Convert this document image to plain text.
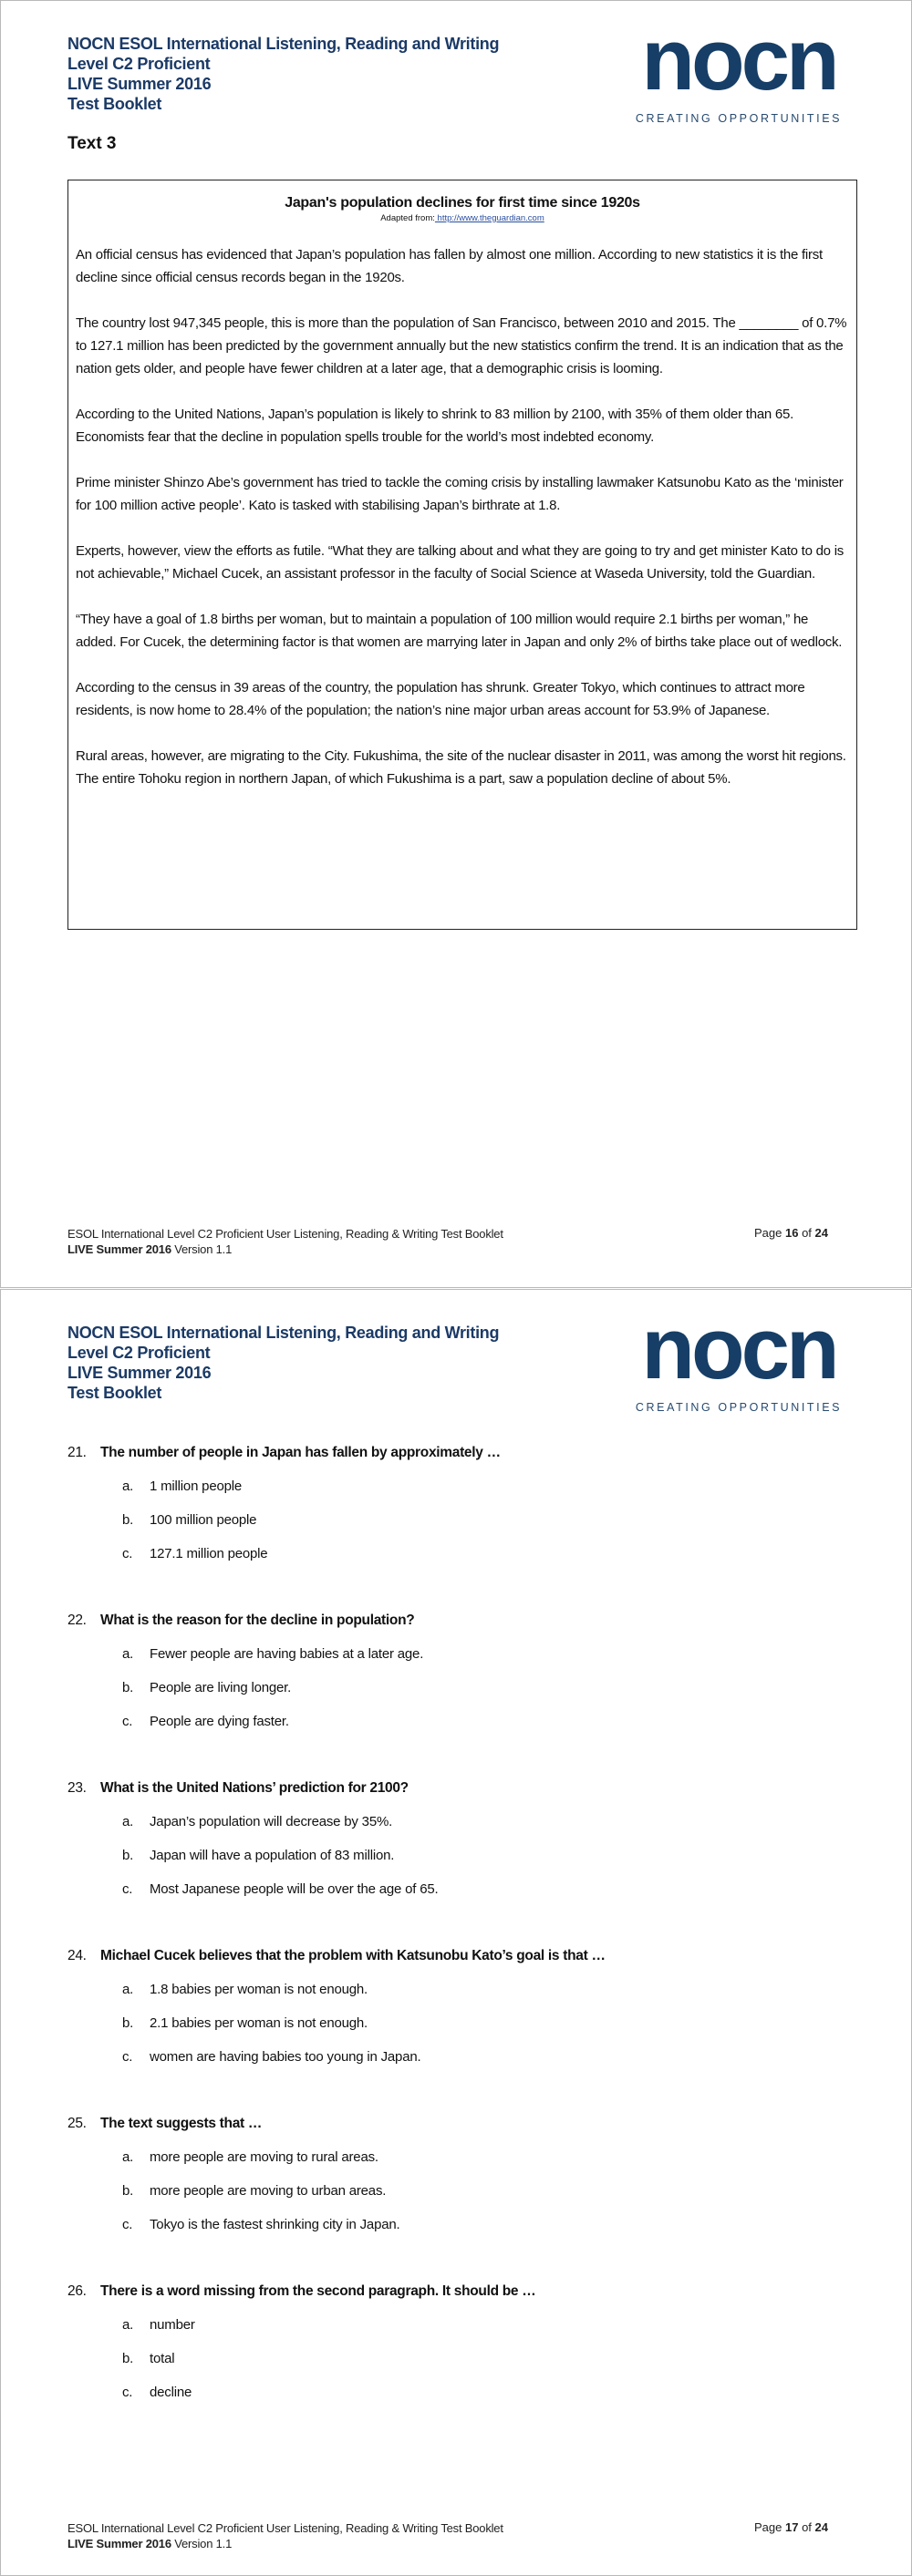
NOCN ESOL International Listening, Reading and Writing
Level C2 Proficient
LIVE Summer 2016
Test Booklet	nocn
CREATING OPPORTUNITIES
Text 3
Japan's population declines for first time since 1920s
Adapted from: http://www.theguardian.com

An official census has evidenced that Japan’s population has fallen by almost one million. According to new statistics it is the first decline since official census records began in the 1920s.

The country lost 947,345 people, this is more than the population of San Francisco, between 2010 and 2015. The ________ of 0.7% to 127.1 million has been predicted by the government annually but the new statistics confirm the trend. It is an indication that as the nation gets older, and people have fewer children at a later age, that a demographic crisis is looming.

According to the United Nations, Japan’s population is likely to shrink to 83 million by 2100, with 35% of them older than 65. Economists fear that the decline in population spells trouble for the world’s most indebted economy.

Prime minister Shinzo Abe’s government has tried to tackle the coming crisis by installing lawmaker Katsunobu Kato as the ‘minister for 100 million active people’. Kato is tasked with stabilising Japan’s birthrate at 1.8.

Experts, however, view the efforts as futile. “What they are talking about and what they are going to try and get minister Kato to do is not achievable,” Michael Cucek, an assistant professor in the faculty of Social Science at Waseda University, told the Guardian.

“They have a goal of 1.8 births per woman, but to maintain a population of 100 million would require 2.1 births per woman,” he added. For Cucek, the determining factor is that women are marrying later in Japan and only 2% of births take place out of wedlock.

According to the census in 39 areas of the country, the population has shrunk. Greater Tokyo, which continues to attract more residents, is now home to 28.4% of the population; the nation’s nine major urban areas account for 53.9% of Japanese.

Rural areas, however, are migrating to the City. Fukushima, the site of the nuclear disaster in 2011, was among the worst hit regions. The entire Tohoku region in northern Japan, of which Fukushima is a part, saw a population decline of about 5%.

ESOL International Level C2 Proficient User Listening, Reading & Writing Test Booklet
LIVE Summer 2016 Version 1.1
Page 16 of 24
NOCN ESOL International Listening, Reading and Writing
Level C2 Proficient
LIVE Summer 2016
Test Booklet	nocn
CREATING OPPORTUNITIES
21. The number of people in Japan has fallen by approximately …
a. 1 million people
b. 100 million people
c. 127.1 million people
22. What is the reason for the decline in population?
a. Fewer people are having babies at a later age.
b. People are living longer.
c. People are dying faster.
23. What is the United Nations’ prediction for 2100?
a. Japan’s population will decrease by 35%.
b. Japan will have a population of 83 million.
c. Most Japanese people will be over the age of 65.
24. Michael Cucek believes that the problem with Katsunobu Kato’s goal is that …
a. 1.8 babies per woman is not enough.
b. 2.1 babies per woman is not enough.
c. women are having babies too young in Japan.
25. The text suggests that …
a. more people are moving to rural areas.
b. more people are moving to urban areas.
c. Tokyo is the fastest shrinking city in Japan.
26. There is a word missing from the second paragraph. It should be …
a. number
b. total
c. decline
ESOL International Level C2 Proficient User Listening, Reading & Writing Test Booklet
LIVE Summer 2016 Version 1.1
Page 17 of 24
